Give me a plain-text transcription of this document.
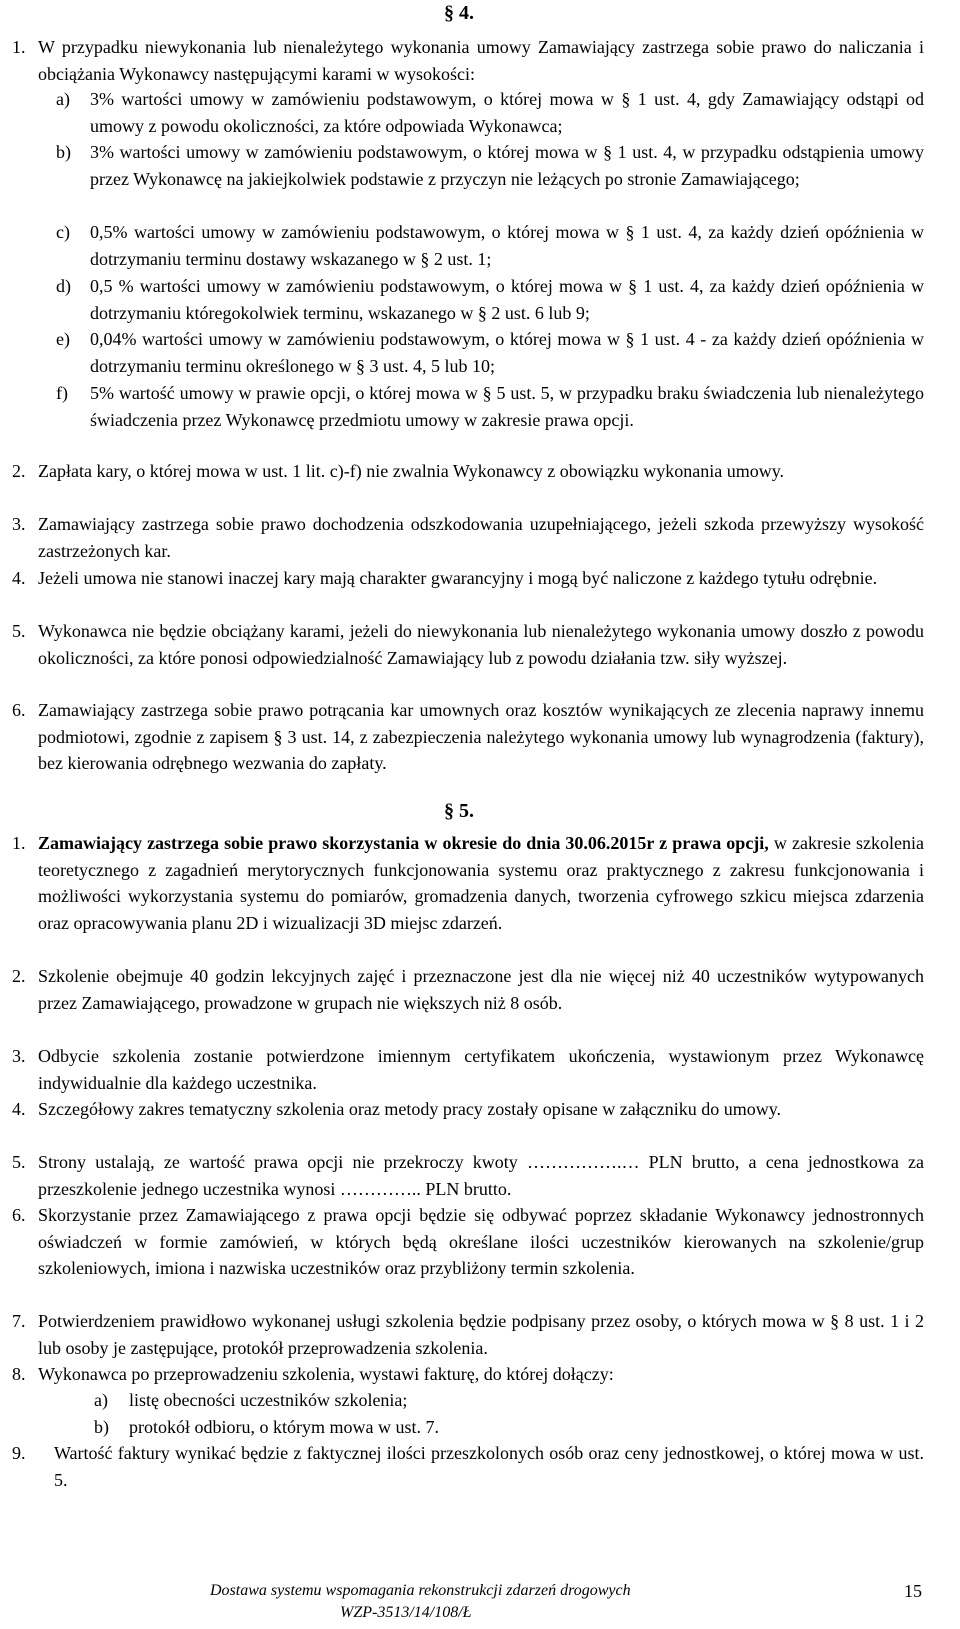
§ 4.
1. W przypadku niewykonania lub nienależytego wykonania umowy Zamawiający zastrzega sobie prawo do naliczania i obciążania Wykonawcy następującymi karami w wysokości:
a) 3% wartości umowy w zamówieniu podstawowym, o której mowa w § 1 ust. 4, gdy Zamawiający odstąpi od umowy z powodu okoliczności, za które odpowiada Wykonawca;
b) 3% wartości umowy w zamówieniu podstawowym, o której mowa w § 1 ust. 4, w przypadku odstąpienia umowy przez Wykonawcę na jakiejkolwiek podstawie z przyczyn nie leżących po stronie Zamawiającego;
c) 0,5% wartości umowy w zamówieniu podstawowym, o której mowa w § 1 ust. 4, za każdy dzień opóźnienia w dotrzymaniu terminu dostawy wskazanego w § 2 ust. 1;
d) 0,5 % wartości umowy w zamówieniu podstawowym, o której mowa w § 1 ust. 4, za każdy dzień opóźnienia w dotrzymaniu któregokolwiek terminu, wskazanego w § 2 ust. 6 lub 9;
e) 0,04% wartości umowy w zamówieniu podstawowym, o której mowa w § 1 ust. 4 - za każdy dzień opóźnienia w dotrzymaniu terminu określonego w § 3 ust. 4, 5 lub 10;
f) 5% wartość umowy w prawie opcji, o której mowa w § 5 ust. 5, w przypadku braku świadczenia lub nienależytego świadczenia przez Wykonawcę przedmiotu umowy w zakresie prawa opcji.
2. Zapłata kary, o której mowa w ust. 1 lit. c)-f) nie zwalnia Wykonawcy z obowiązku wykonania umowy.
3. Zamawiający zastrzega sobie prawo dochodzenia odszkodowania uzupełniającego, jeżeli szkoda przewyższy wysokość zastrzeżonych kar.
4. Jeżeli umowa nie stanowi inaczej kary mają charakter gwarancyjny i mogą być naliczone z każdego tytułu odrębnie.
5. Wykonawca nie będzie obciążany karami, jeżeli do niewykonania lub nienależytego wykonania umowy doszło z powodu okoliczności, za które ponosi odpowiedzialność Zamawiający lub z powodu działania tzw. siły wyższej.
6. Zamawiający zastrzega sobie prawo potrącania kar umownych oraz kosztów wynikających ze zlecenia naprawy innemu podmiotowi, zgodnie z zapisem § 3 ust. 14, z zabezpieczenia należytego wykonania umowy lub wynagrodzenia (faktury), bez kierowania odrębnego wezwania do zapłaty.
§ 5.
1. Zamawiający zastrzega sobie prawo skorzystania w okresie do dnia 30.06.2015r z prawa opcji, w zakresie szkolenia teoretycznego z zagadnień merytorycznych funkcjonowania systemu oraz praktycznego z zakresu funkcjonowania i możliwości wykorzystania systemu do pomiarów, gromadzenia danych, tworzenia cyfrowego szkicu miejsca zdarzenia oraz opracowywania planu 2D i wizualizacji 3D miejsc zdarzeń.
2. Szkolenie obejmuje 40 godzin lekcyjnych zajęć i przeznaczone jest dla nie więcej niż 40 uczestników wytypowanych przez Zamawiającego, prowadzone w grupach nie większych niż 8 osób.
3. Odbycie szkolenia zostanie potwierdzone imiennym certyfikatem ukończenia, wystawionym przez Wykonawcę indywidualnie dla każdego uczestnika.
4. Szczegółowy zakres tematyczny szkolenia oraz metody pracy zostały opisane w załączniku do umowy.
5. Strony ustalają, ze wartość prawa opcji nie przekroczy kwoty …………….… PLN brutto, a cena jednostkowa za przeszkolenie jednego uczestnika wynosi ………….. PLN brutto.
6. Skorzystanie przez Zamawiającego z prawa opcji będzie się odbywać poprzez składanie Wykonawcy jednostronnych oświadczeń w formie zamówień, w których będą określane ilości uczestników kierowanych na szkolenie/grup szkoleniowych, imiona i nazwiska uczestników oraz przybliżony termin szkolenia.
7. Potwierdzeniem prawidłowo wykonanej usługi szkolenia będzie podpisany przez osoby, o których mowa w § 8 ust. 1 i 2 lub osoby je zastępujące, protokół przeprowadzenia szkolenia.
8. Wykonawca po przeprowadzeniu szkolenia, wystawi fakturę, do której dołączy:
a) listę obecności uczestników szkolenia;
b) protokół odbioru, o którym mowa w ust. 7.
9. Wartość faktury wynikać będzie z faktycznej ilości przeszkolonych osób oraz ceny jednostkowej, o której mowa w ust. 5.
Dostawa systemu wspomagania rekonstrukcji zdarzeń drogowych
WZP-3513/14/108/Ł
15
